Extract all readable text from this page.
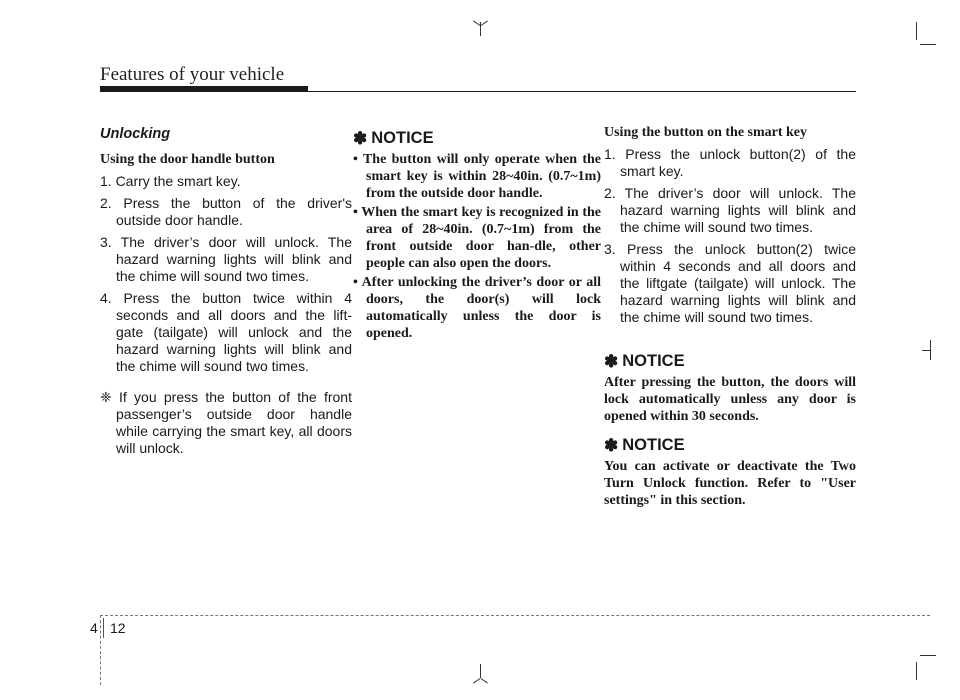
Features of your vehicle
Unlocking
Using the door handle button
1. Carry the smart key.
2. Press the button of the driver's outside door handle.
3. The driver’s door will unlock. The hazard warning lights will blink and the chime will sound two times.
4. Press the button twice within 4 seconds and all doors and the lift-gate (tailgate) will unlock and the hazard warning lights will blink and the chime will sound two times.
❈ If you press the button of the front passenger’s outside door handle while carrying the smart key, all doors will unlock.
✽ NOTICE
• The button will only operate when the smart key is within 28~40in. (0.7~1m) from the outside door handle.
• When the smart key is recognized in the area of 28~40in. (0.7~1m) from the front outside door han-dle, other people can also open the doors.
• After unlocking the driver’s door or all doors, the door(s) will lock automatically unless the door is opened.
Using the button on the smart key
1. Press the unlock button(2) of the smart key.
2. The driver’s door will unlock. The hazard warning lights will blink and the chime will sound two times.
3. Press the unlock button(2) twice within 4 seconds and all doors and the liftgate (tailgate) will unlock. The hazard warning lights will blink and the chime will sound two times.
✽ NOTICE
After pressing the button, the doors will lock automatically unless any door is opened within 30 seconds.
✽ NOTICE
You can activate or deactivate the Two Turn Unlock function. Refer to "User settings" in this section.
4 12
